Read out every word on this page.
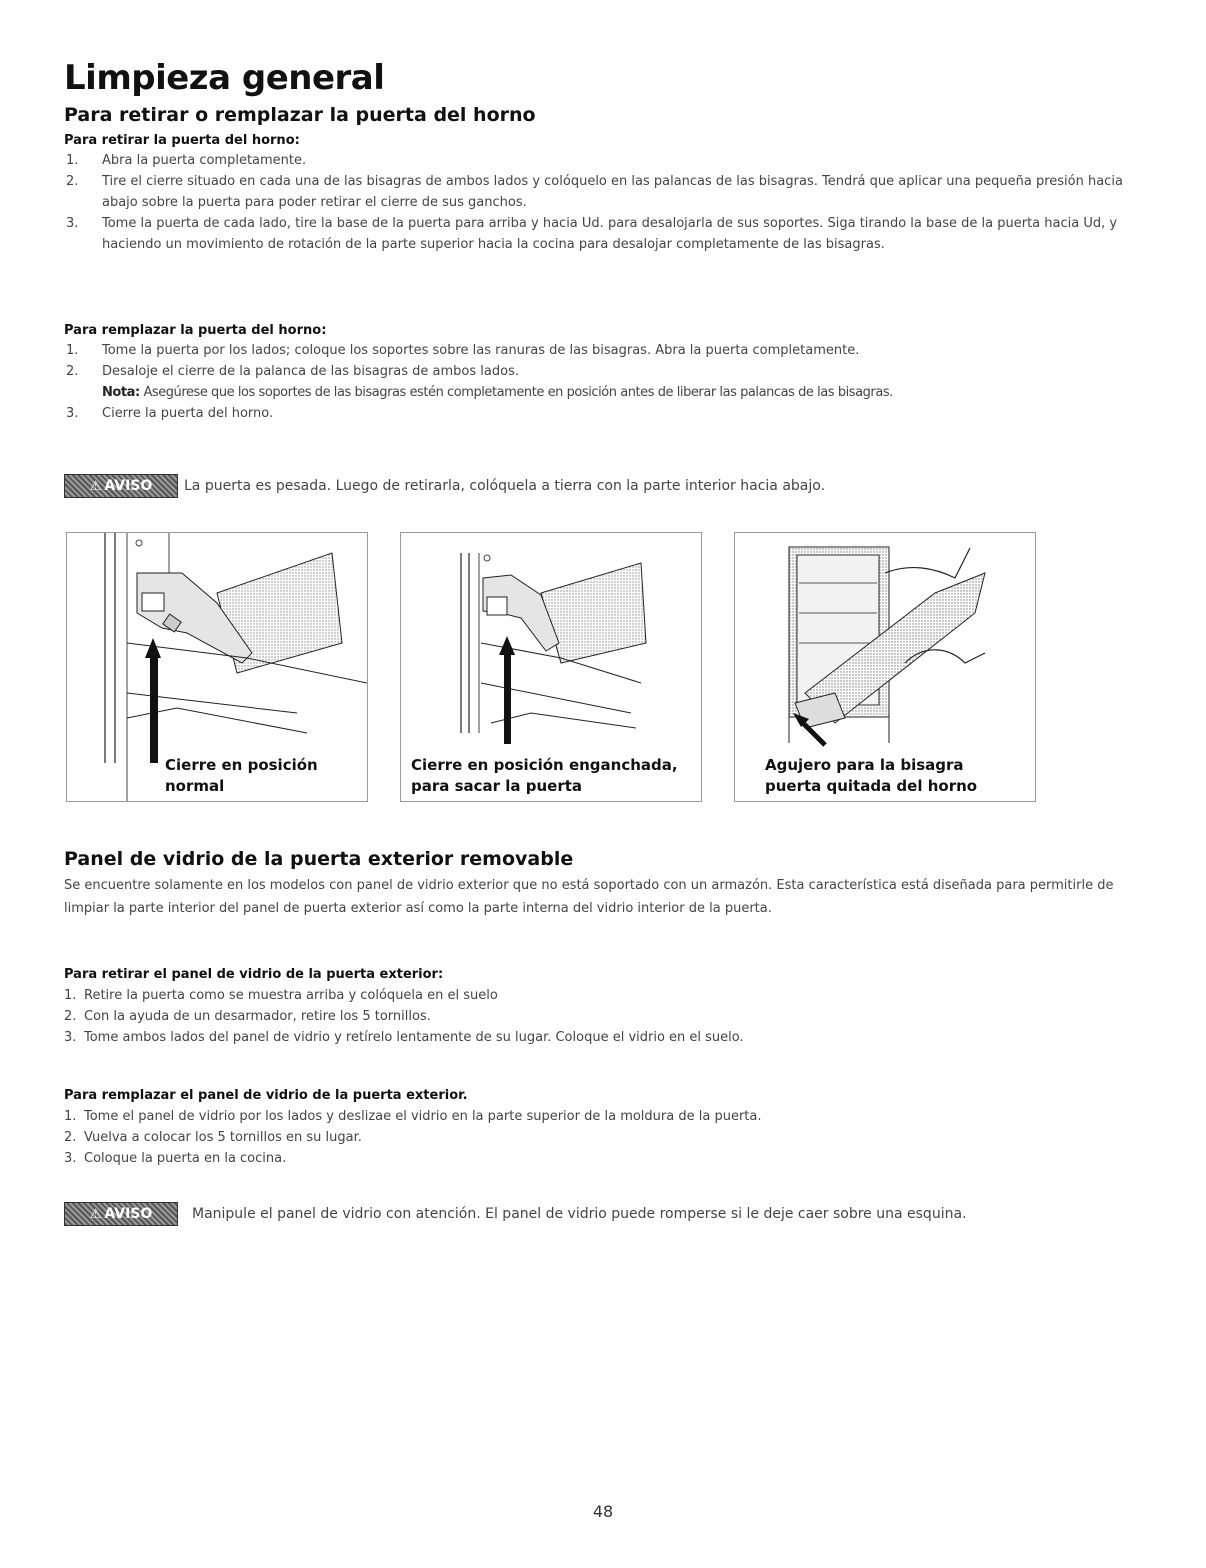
Limpieza general
Para retirar o remplazar la puerta del horno
Para retirar la puerta del horno:
1. Abra la puerta completamente.
2. Tire el cierre situado en cada una de las bisagras de ambos lados y colóquelo en las palancas de las bisagras. Tendrá que aplicar una pequeña presión hacia abajo sobre la puerta para poder retirar el cierre de sus ganchos.
3. Tome la puerta de cada lado, tire la base de la puerta para arriba y hacia Ud. para desalojarla de sus soportes. Siga tirando la base de la puerta hacia Ud, y haciendo un movimiento de rotación de la parte superior hacia la cocina para desalojar completamente de las bisagras.
Para remplazar la puerta del horno:
1. Tome la puerta por los lados; coloque los soportes sobre las ranuras de las bisagras. Abra la puerta completamente.
2. Desaloje el cierre de la palanca de las bisagras de ambos lados.
Nota: Asegúrese que los soportes de las bisagras estén completamente en posición antes de liberar las palancas de las bisagras.
3. Cierre la puerta del horno.
⚠ AVISO La puerta es pesada. Luego de retirarla, colóquela a tierra con la parte interior hacia abajo.
Cierre en posición
normal
Cierre en posición enganchada,
para sacar la puerta
Agujero para la bisagra
puerta quitada del horno
Panel de vidrio de la puerta exterior removable
Se encuentre solamente en los modelos con panel de vidrio exterior que no está soportado con un armazón. Esta característica está diseñada para permitirle de limpiar la parte interior del panel de puerta exterior así como la parte interna del vidrio interior de la puerta.
Para retirar el panel de vidrio de la puerta exterior:
1. Retire la puerta como se muestra arriba y colóquela en el suelo
2. Con la ayuda de un desarmador, retire los 5 tornillos.
3. Tome ambos lados del panel de vidrio y retírelo lentamente de su lugar. Coloque el vidrio en el suelo.
Para remplazar el panel de vidrio de la puerta exterior.
1. Tome el panel de vidrio por los lados y deslizae el vidrio en la parte superior de la moldura de la puerta.
2. Vuelva a colocar los 5 tornillos en su lugar.
3. Coloque la puerta en la cocina.
⚠ AVISO	Manipule el panel de vidrio con atención. El panel de vidrio puede romperse si le deje caer sobre una esquina.
48
